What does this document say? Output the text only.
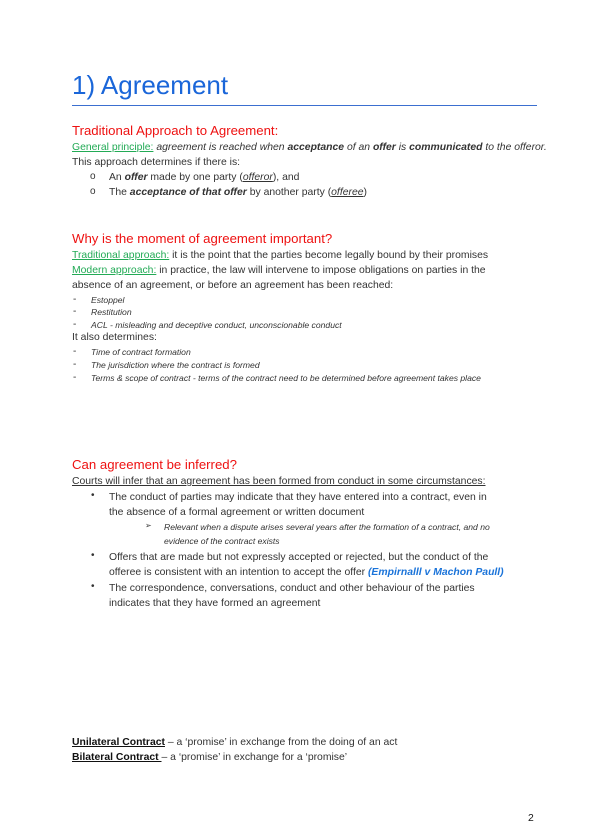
1) Agreement
Traditional Approach to Agreement:
General principle: agreement is reached when acceptance of an offer is communicated to the offeror.
This approach determines if there is:
o An offer made by one party (offeror), and
o The acceptance of that offer by another party (offeree)
Why is the moment of agreement important?
Traditional approach: it is the point that the parties become legally bound by their promises
Modern approach: in practice, the law will intervene to impose obligations on parties in the
absence of an agreement, or before an agreement has been reached:
- Estoppel
- Restitution
- ACL - misleading and deceptive conduct, unconscionable conduct
It also determines:
- Time of contract formation
- The jurisdiction where the contract is formed
- Terms & scope of contract - terms of the contract need to be determined before agreement takes place
Can agreement be inferred?
Courts will infer that an agreement has been formed from conduct in some circumstances:
• The conduct of parties may indicate that they have entered into a contract, even in
the absence of a formal agreement or written document
➢ Relevant when a dispute arises several years after the formation of a contract, and no
evidence of the contract exists
• Offers that are made but not expressly accepted or rejected, but the conduct of the
offeree is consistent with an intention to accept the offer (Empirnalll v Machon Paull)
• The correspondence, conversations, conduct and other behaviour of the parties
indicates that they have formed an agreement
Unilateral Contract – a ‘promise’ in exchange from the doing of an act
Bilateral Contract – a ‘promise’ in exchange for a ‘promise’
2
